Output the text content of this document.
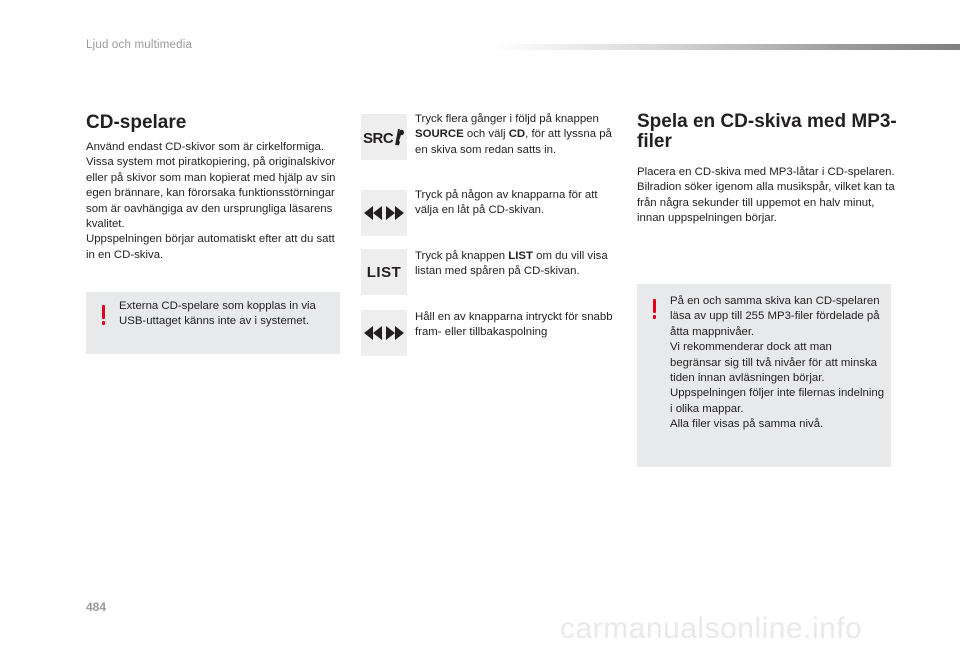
Ljud och multimedia
CD-spelare
Använd endast CD-skivor som är cirkelformiga.
Vissa system mot piratkopiering, på originalskivor eller på skivor som man kopierat med hjälp av sin egen brännare, kan förorsaka funktionsstörningar som är oavhängiga av den ursprungliga läsarens kvalitet.
Uppspelningen börjar automatiskt efter att du satt in en CD-skiva.
Externa CD-spelare som kopplas in via USB-uttaget känns inte av i systemet.
SRC
Tryck flera gånger i följd på knappen SOURCE och välj CD, för att lyssna på en skiva som redan satts in.
Tryck på någon av knapparna för att välja en låt på CD-skivan.
LIST
Tryck på knappen LIST om du vill visa listan med spåren på CD-skivan.
Håll en av knapparna intryckt för snabb fram- eller tillbakaspolning
Spela en CD-skiva med MP3-filer
Placera en CD-skiva med MP3-låtar i CD-spelaren.
Bilradion söker igenom alla musikspår, vilket kan ta från några sekunder till uppemot en halv minut, innan uppspelningen börjar.
På en och samma skiva kan CD-spelaren läsa av upp till 255 MP3-filer fördelade på åtta mappnivåer.
Vi rekommenderar dock att man begränsar sig till två nivåer för att minska tiden innan avläsningen börjar.
Uppspelningen följer inte filernas indelning i olika mappar.
Alla filer visas på samma nivå.
484
carmanualsonline.info
